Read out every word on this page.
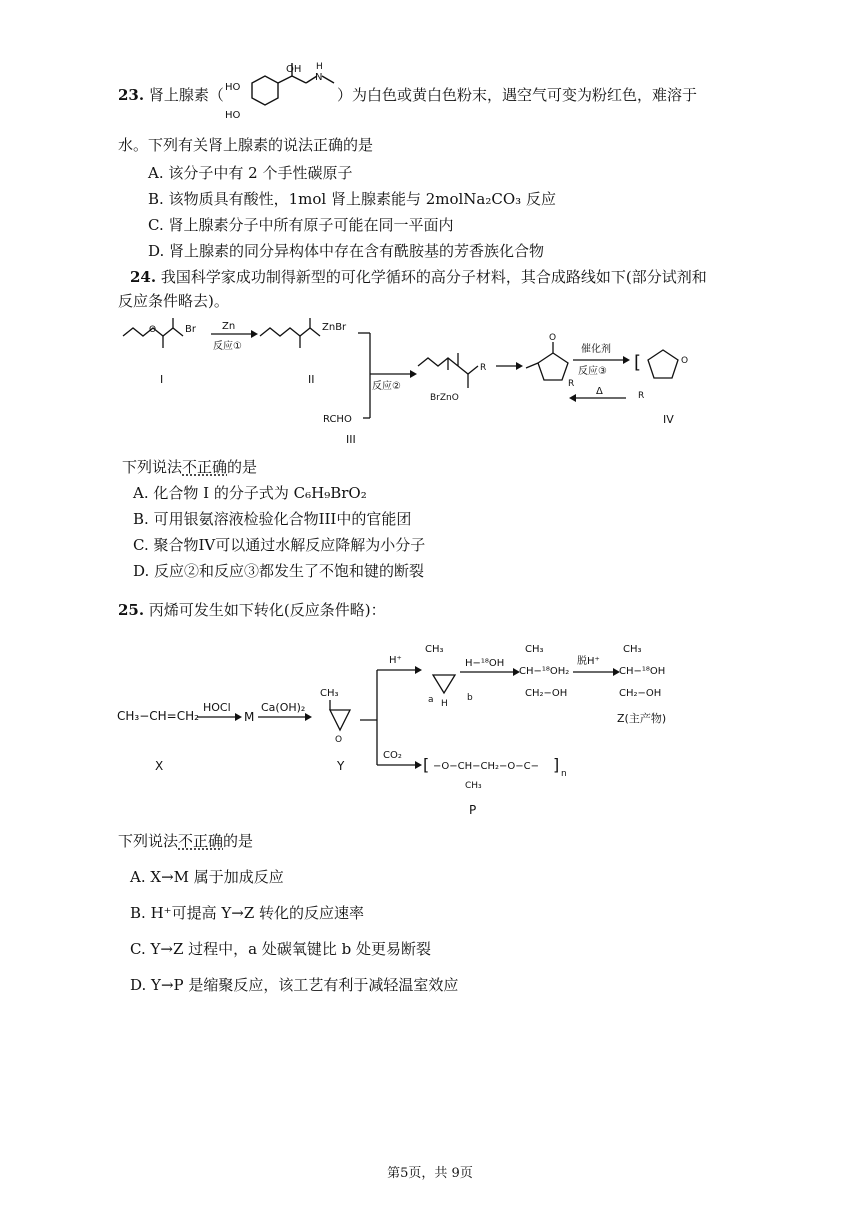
23. 肾上腺素（
OH
HO
HO
N
H
）为白色或黄白色粉末，遇空气可变为粉红色，难溶于
水。下列有关肾上腺素的说法正确的是
A. 该分子中有 2 个手性碳原子
B. 该物质具有酸性，1mol 肾上腺素能与 2molNa₂CO₃ 反应
C. 肾上腺素分子中所有原子可能在同一平面内
D. 肾上腺素的同分异构体中存在含有酰胺基的芳香族化合物
24. 我国科学家成功制得新型的可化学循环的高分子材料，其合成路线如下(部分试剂和
反应条件略去)。
O	Br
I
Zn
反应①
ZnBr
II
RCHO
III
反应②
BrZnO
R
O
R
催化剂
反应③
Δ
[	O
R
IV
下列说法不正确的是
A. 化合物 I 的分子式为 C₆H₉BrO₂
B. 可用银氨溶液检验化合物III中的官能团
C. 聚合物IV可以通过水解反应降解为小分子
D. 反应②和反应③都发生了不饱和键的断裂
25. 丙烯可发生如下转化(反应条件略)：
CH₃−CH=CH₂
X
HOCl
M
Ca(OH)₂
CH₃
O
Y
H⁺
CO₂
CH₃
a	b
H
H−¹⁸OH
CH₃
CH−¹⁸OH₂
CH₂−OH
脱H⁺
CH₃
CH−¹⁸OH
CH₂−OH
Z(主产物)
[ −O−CH−CH₂−O−C− ] n
CH₃
P
下列说法不正确的是
A. X→M 属于加成反应
B. H⁺可提高 Y→Z 转化的反应速率
C. Y→Z 过程中，a 处碳氧键比 b 处更易断裂
D. Y→P 是缩聚反应，该工艺有利于减轻温室效应
第5页，共 9页
